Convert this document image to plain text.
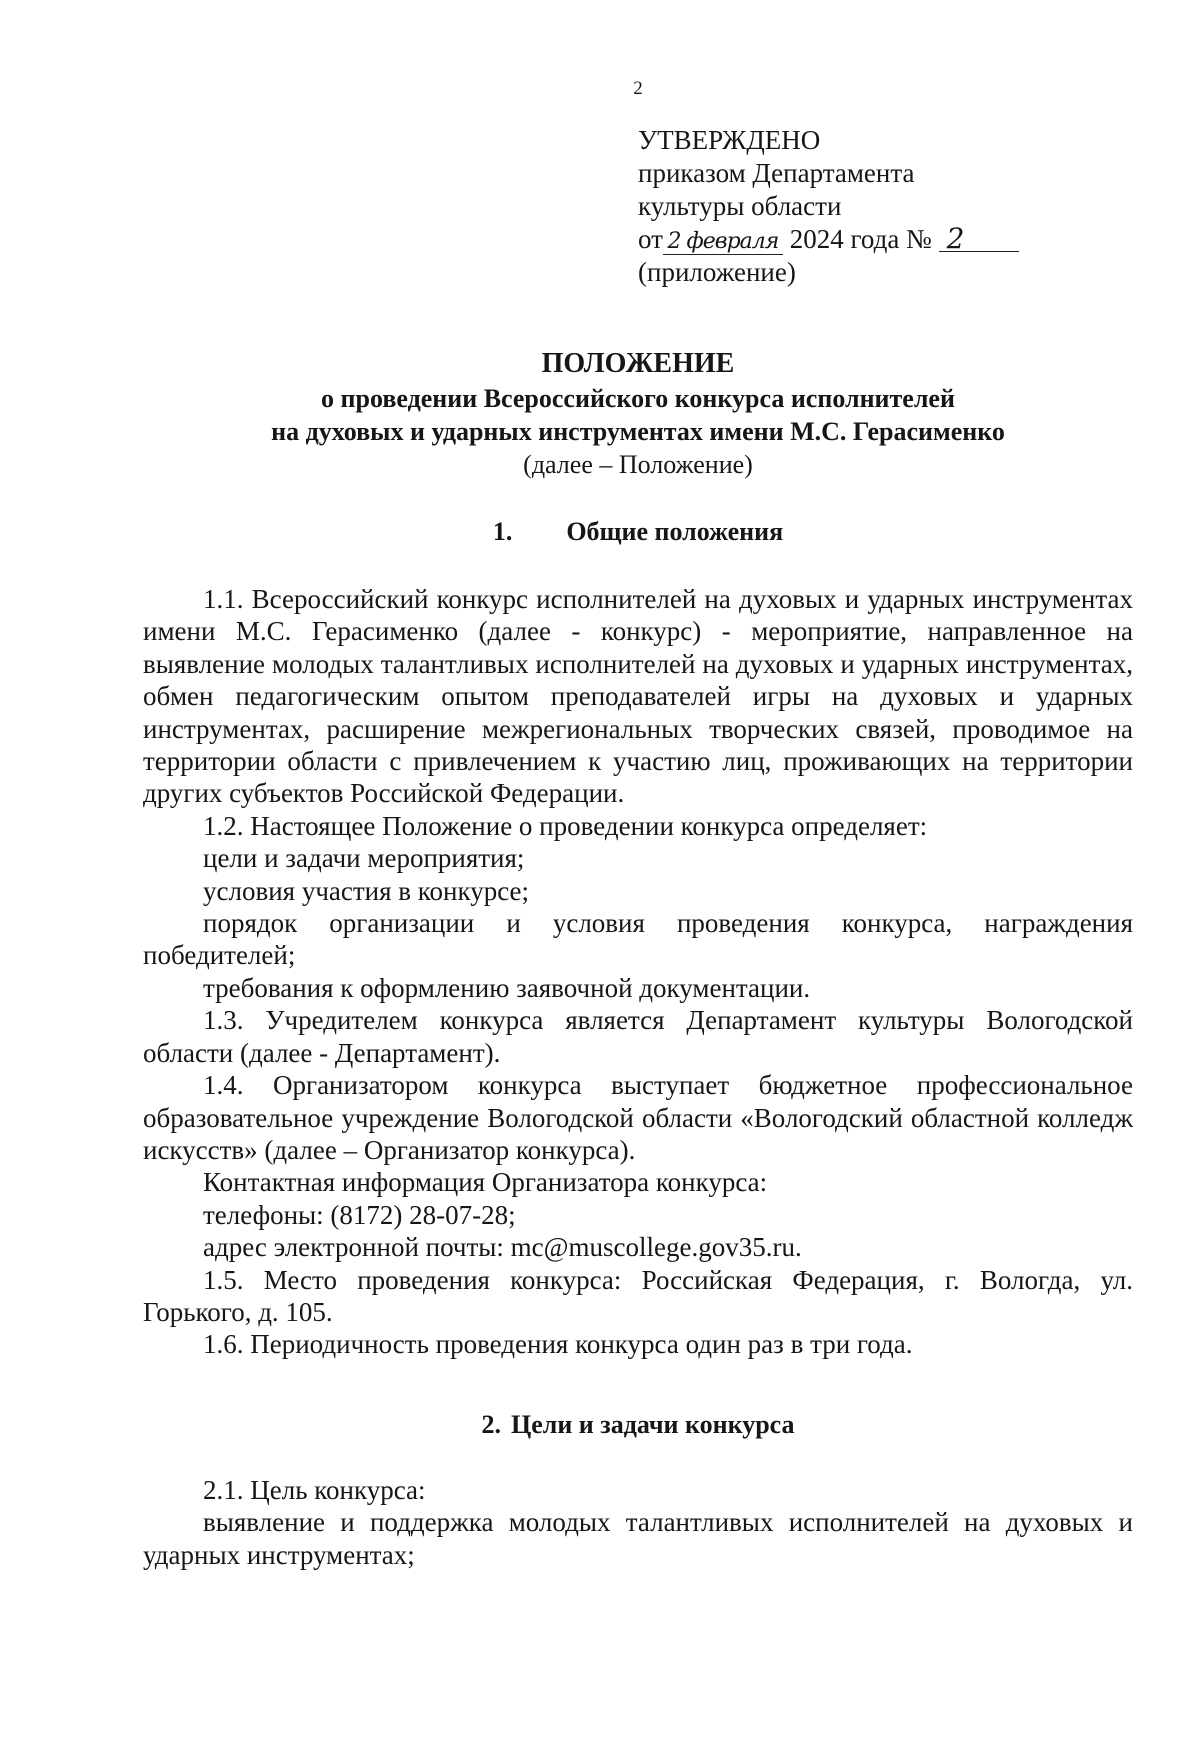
2
УТВЕРЖДЕНО
приказом Департамента
культуры области
от 2 февраля 2024 года № 2
(приложение)
ПОЛОЖЕНИЕ
о проведении Всероссийского конкурса исполнителей
на духовых и ударных инструментах имени М.С. Герасименко
(далее – Положение)
1. Общие положения

1.1. Всероссийский конкурс исполнителей на духовых и ударных инструментах имени М.С. Герасименко (далее - конкурс) - мероприятие, направленное на выявление молодых талантливых исполнителей на духовых и ударных инструментах, обмен педагогическим опытом преподавателей игры на духовых и ударных инструментах, расширение межрегиональных творческих связей, проводимое на территории области с привлечением к участию лиц, проживающих на территории других субъектов Российской Федерации.

1.2. Настоящее Положение о проведении конкурса определяет:

цели и задачи мероприятия;

условия участия в конкурсе;

порядок организации и условия проведения конкурса, награждения победителей;

требования к оформлению заявочной документации.

1.3. Учредителем конкурса является Департамент культуры Вологодской области (далее - Департамент).

1.4. Организатором конкурса выступает бюджетное профессиональное образовательное учреждение Вологодской области «Вологодский областной колледж искусств» (далее – Организатор конкурса).

Контактная информация Организатора конкурса:

телефоны: (8172) 28-07-28;

адрес электронной почты: mc@muscollege.gov35.ru.

1.5. Место проведения конкурса: Российская Федерация, г. Вологда, ул. Горького, д. 105.

1.6. Периодичность проведения конкурса один раз в три года.

2. Цели и задачи конкурса

2.1. Цель конкурса:

выявление и поддержка молодых талантливых исполнителей на духовых и ударных инструментах;
